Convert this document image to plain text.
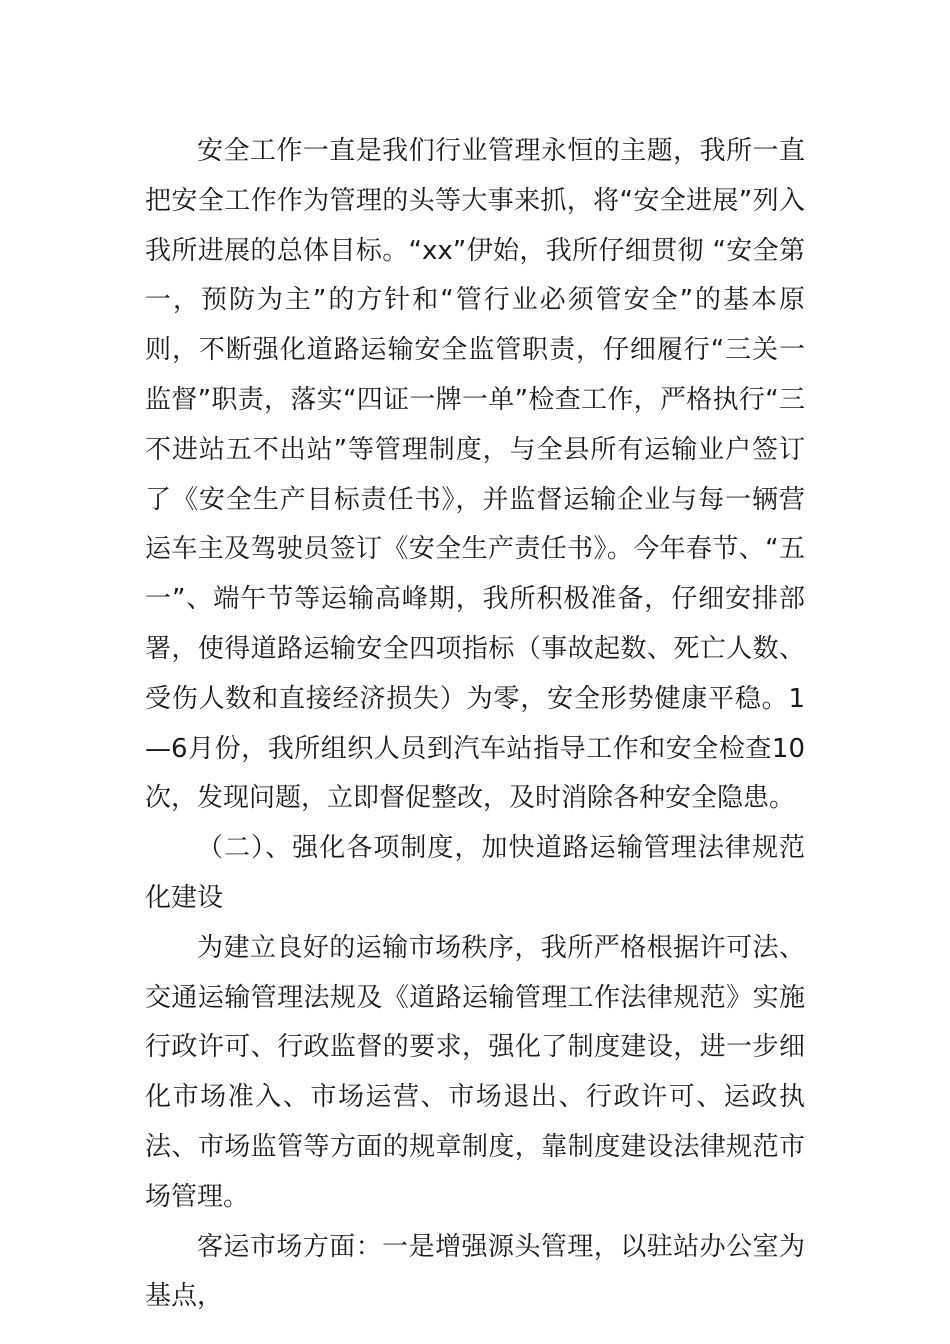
安全工作一直是我们行业管理永恒的主题，我所一直把安全工作作为管理的头等大事来抓，将“安全进展”列入我所进展的总体目标。“xx”伊始，我所仔细贯彻 “安全第一，预防为主”的方针和“管行业必须管安全”的基本原则，不断强化道路运输安全监管职责，仔细履行“三关一监督”职责，落实“四证一牌一单”检查工作，严格执行“三不进站五不出站”等管理制度，与全县所有运输业户签订了《安全生产目标责任书》，并监督运输企业与每一辆营运车主及驾驶员签订《安全生产责任书》。今年春节、“五一”、端午节等运输高峰期，我所积极准备，仔细安排部署，使得道路运输安全四项指标（事故起数、死亡人数、受伤人数和直接经济损失）为零，安全形势健康平稳。1—6月份，我所组织人员到汽车站指导工作和安全检查10次，发现问题，立即督促整改，及时消除各种安全隐患。

（二）、强化各项制度，加快道路运输管理法律规范化建设

为建立良好的运输市场秩序，我所严格根据许可法、交通运输管理法规及《道路运输管理工作法律规范》实施行政许可、行政监督的要求，强化了制度建设，进一步细化市场准入、市场运营、市场退出、行政许可、运政执法、市场监管等方面的规章制度，靠制度建设法律规范市场管理。

客运市场方面：一是增强源头管理，以驻站办公室为基点，
